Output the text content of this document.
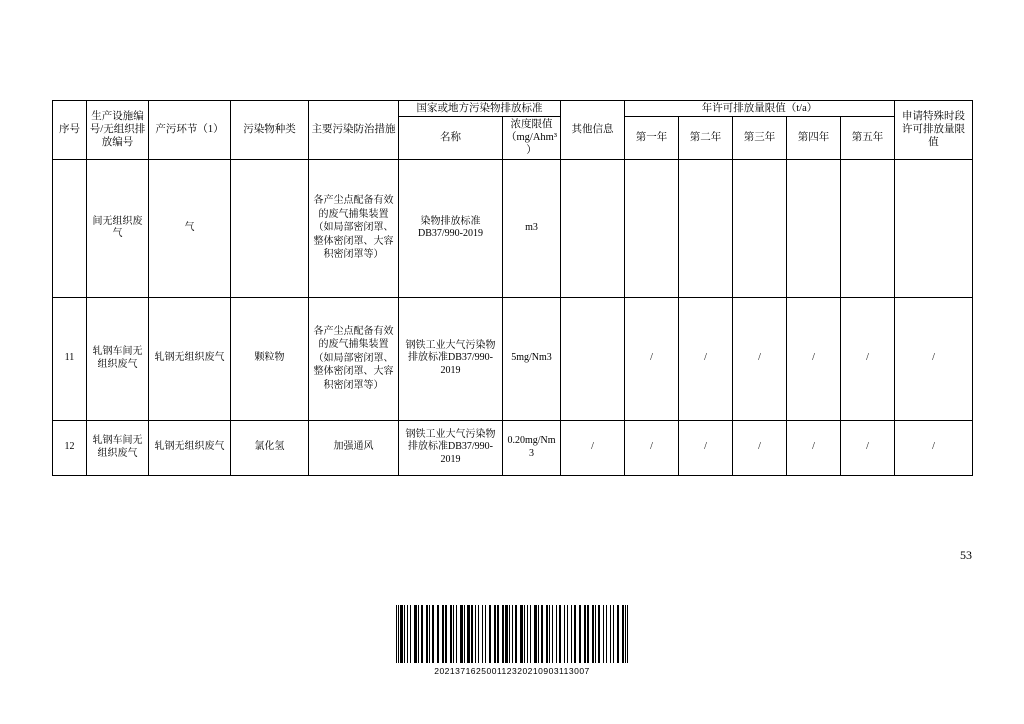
序号	生产设施编号/无组织排放编号	产污环节（1）	污染物种类	主要污染防治措施	国家或地方污染物排放标准		其他信息	年许可排放量限值（t/a）					申请特殊时段许可排放量限值
					名称	浓度限值（mg/Ahm³）		第一年	第二年	第三年	第四年	第五年	
	间无组织废气	气		各产尘点配备有效的废气捕集装置（如局部密闭罩、整体密闭罩、大容积密闭罩等）	染物排放标准DB37/990-2019	m3							
11	轧钢车间无组织废气	轧钢无组织废气	颗粒物	各产尘点配备有效的废气捕集装置（如局部密闭罩、整体密闭罩、大容积密闭罩等）	钢铁工业大气污染物排放标准DB37/990-2019	5mg/Nm3		/	/	/	/	/	/
12	轧钢车间无组织废气	轧钢无组织废气	氯化氢	加强通风	钢铁工业大气污染物排放标准DB37/990-2019	0.20mg/Nm3	/	/	/	/	/	/	/
53
202137162500112320210903113007
